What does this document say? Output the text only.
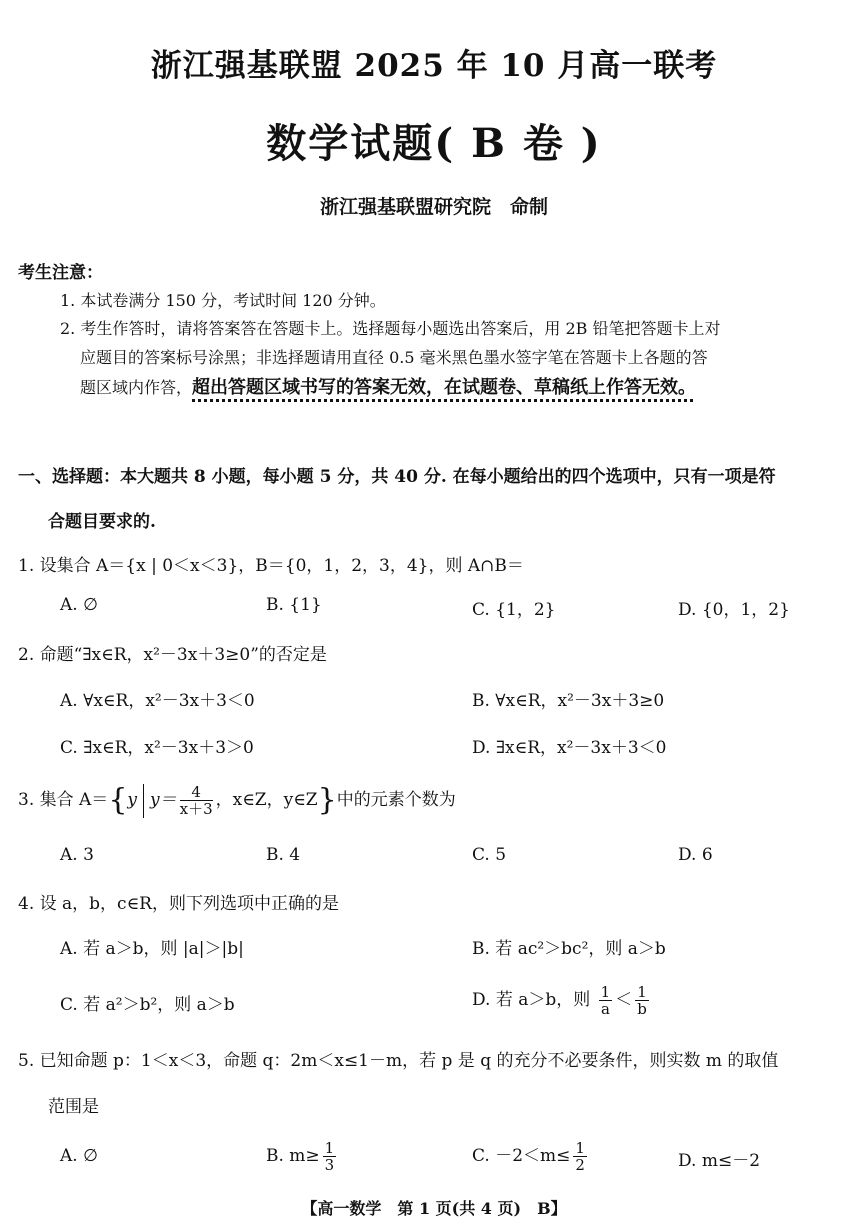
浙江强基联盟 2025 年 10 月高一联考
数学试题( B 卷 )
浙江强基联盟研究院　命制
考生注意：
1. 本试卷满分 150 分，考试时间 120 分钟。
2. 考生作答时，请将答案答在答题卡上。选择题每小题选出答案后，用 2B 铅笔把答题卡上对
应题目的答案标号涂黑；非选择题请用直径 0.5 毫米黑色墨水签字笔在答题卡上各题的答
题区域内作答，超出答题区域书写的答案无效，在试题卷、草稿纸上作答无效。
一、选择题：本大题共 8 小题，每小题 5 分，共 40 分. 在每小题给出的四个选项中，只有一项是符
合题目要求的.
1. 设集合 A＝{x | 0＜x＜3}，B＝{0，1，2，3，4}，则 A∩B＝
A. ∅	B. {1}	C. {1，2}	D. {0，1，2}
2. 命题“∃x∈R，x²－3x＋3≥0”的否定是
A. ∀x∈R，x²－3x＋3＜0	B. ∀x∈R，x²－3x＋3≥0
C. ∃x∈R，x²－3x＋3＞0	D. ∃x∈R，x²－3x＋3＜0
3. 集合 A＝{y $y= \frac{4}{x+3}$ ，x∈Z，y∈Z}中的元素个数为
A. 3	B. 4	C. 5	D. 6
4. 设 a，b，c∈R，则下列选项中正确的是
A. 若 a＞b，则 |a|＞|b|	B. 若 ac²＞bc²，则 a＞b
C. 若 a²＞b²，则 a＞b	D. 若 a＞b，则 $\frac{1}{a} < \frac{1}{b}$
5. 已知命题 p：1＜x＜3，命题 q：2m＜x≤1－m，若 p 是 q 的充分不必要条件，则实数 m 的取值
范围是
A. ∅	B. $m\ge \frac{1}{3}$	C. $-2<m\le \frac{1}{2}$	D. m≤－2
【高一数学　第 1 页(共 4 页)　B】
